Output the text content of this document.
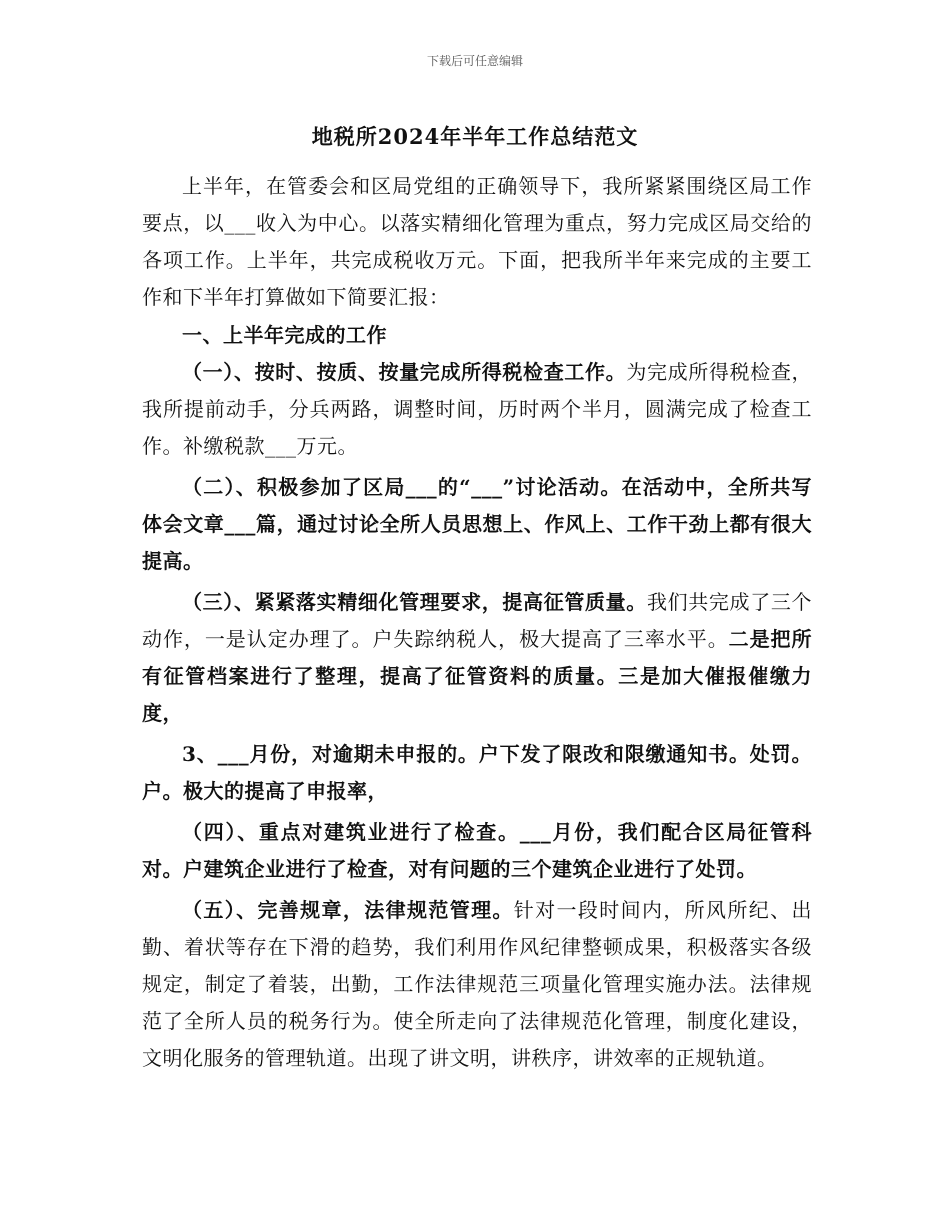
下载后可任意编辑
地税所2024年半年工作总结范文

上半年，在管委会和区局党组的正确领导下，我所紧紧围绕区局工作要点，以___收入为中心。以落实精细化管理为重点，努力完成区局交给的各项工作。上半年，共完成税收万元。下面，把我所半年来完成的主要工作和下半年打算做如下简要汇报：

一、上半年完成的工作

（一）、按时、按质、按量完成所得税检查工作。为完成所得税检查，我所提前动手，分兵两路，调整时间，历时两个半月，圆满完成了检查工作。补缴税款___万元。

（二）、积极参加了区局___的“___”讨论活动。在活动中，全所共写体会文章___篇，通过讨论全所人员思想上、作风上、工作干劲上都有很大提高。

（三）、紧紧落实精细化管理要求，提高征管质量。我们共完成了三个动作，一是认定办理了。户失踪纳税人，极大提高了三率水平。二是把所有征管档案进行了整理，提高了征管资料的质量。三是加大催报催缴力度，

3、___月份，对逾期未申报的。户下发了限改和限缴通知书。处罚。户。极大的提高了申报率，

（四）、重点对建筑业进行了检查。___月份，我们配合区局征管科对。户建筑企业进行了检查，对有问题的三个建筑企业进行了处罚。

（五）、完善规章，法律规范管理。针对一段时间内，所风所纪、出勤、着状等存在下滑的趋势，我们利用作风纪律整顿成果，积极落实各级规定，制定了着装，出勤，工作法律规范三项量化管理实施办法。法律规范了全所人员的税务行为。使全所走向了法律规范化管理，制度化建设，文明化服务的管理轨道。出现了讲文明，讲秩序，讲效率的正规轨道。
